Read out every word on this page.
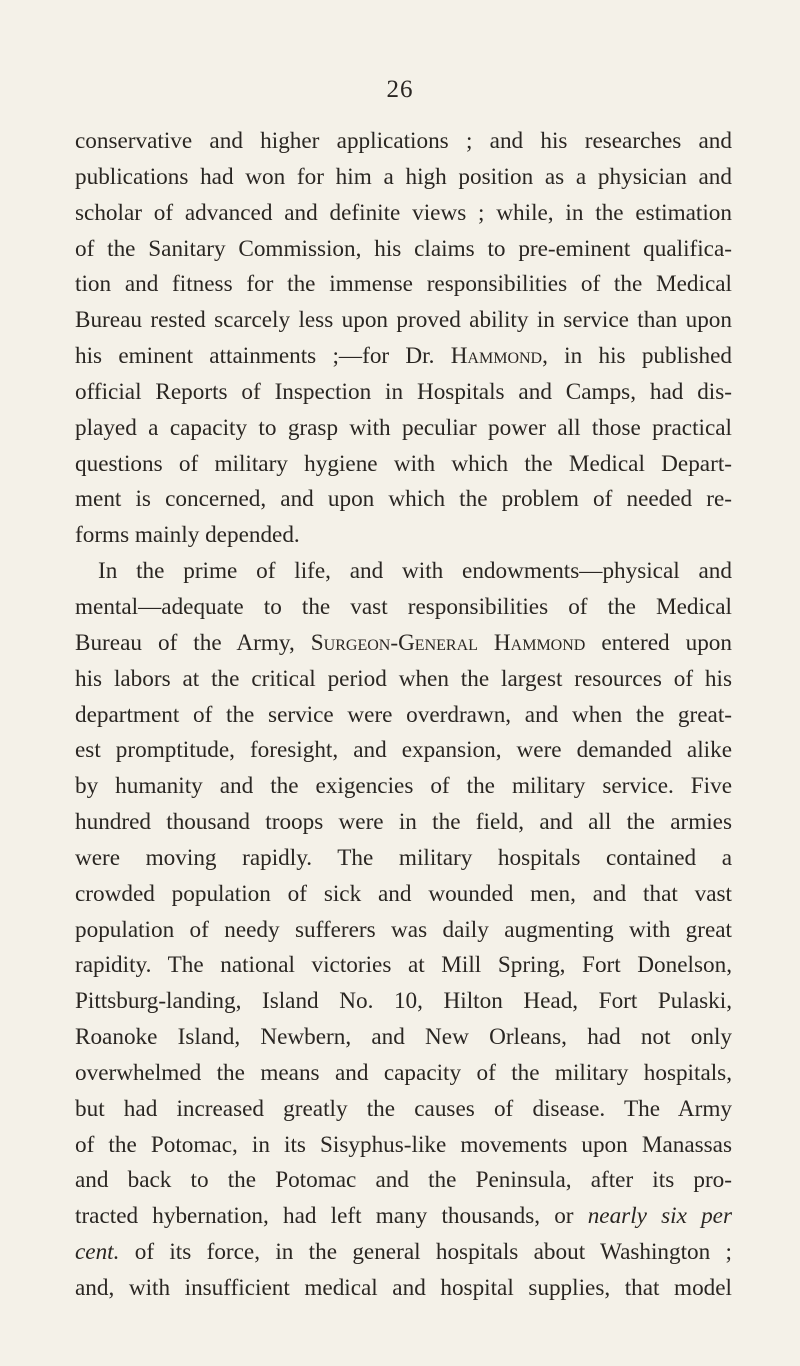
26
conservative and higher applications ; and his researches and
publications had won for him a high position as a physician and
scholar of advanced and definite views ; while, in the estimation
of the Sanitary Commission, his claims to pre-eminent qualifica-
tion and fitness for the immense responsibilities of the Medical
Bureau rested scarcely less upon proved ability in service than upon
his eminent attainments ;—for Dr. Hammond, in his published
official Reports of Inspection in Hospitals and Camps, had dis-
played a capacity to grasp with peculiar power all those practical
questions of military hygiene with which the Medical Depart-
ment is concerned, and upon which the problem of needed re-
forms mainly depended.
In the prime of life, and with endowments—physical and
mental—adequate to the vast responsibilities of the Medical
Bureau of the Army, Surgeon-General Hammond entered upon
his labors at the critical period when the largest resources of his
department of the service were overdrawn, and when the great-
est promptitude, foresight, and expansion, were demanded alike
by humanity and the exigencies of the military service. Five
hundred thousand troops were in the field, and all the armies
were moving rapidly. The military hospitals contained a
crowded population of sick and wounded men, and that vast
population of needy sufferers was daily augmenting with great
rapidity. The national victories at Mill Spring, Fort Donelson,
Pittsburg-landing, Island No. 10, Hilton Head, Fort Pulaski,
Roanoke Island, Newbern, and New Orleans, had not only
overwhelmed the means and capacity of the military hospitals,
but had increased greatly the causes of disease. The Army
of the Potomac, in its Sisyphus-like movements upon Manassas
and back to the Potomac and the Peninsula, after its pro-
tracted hybernation, had left many thousands, or nearly six per
cent. of its force, in the general hospitals about Washington ;
and, with insufficient medical and hospital supplies, that model
